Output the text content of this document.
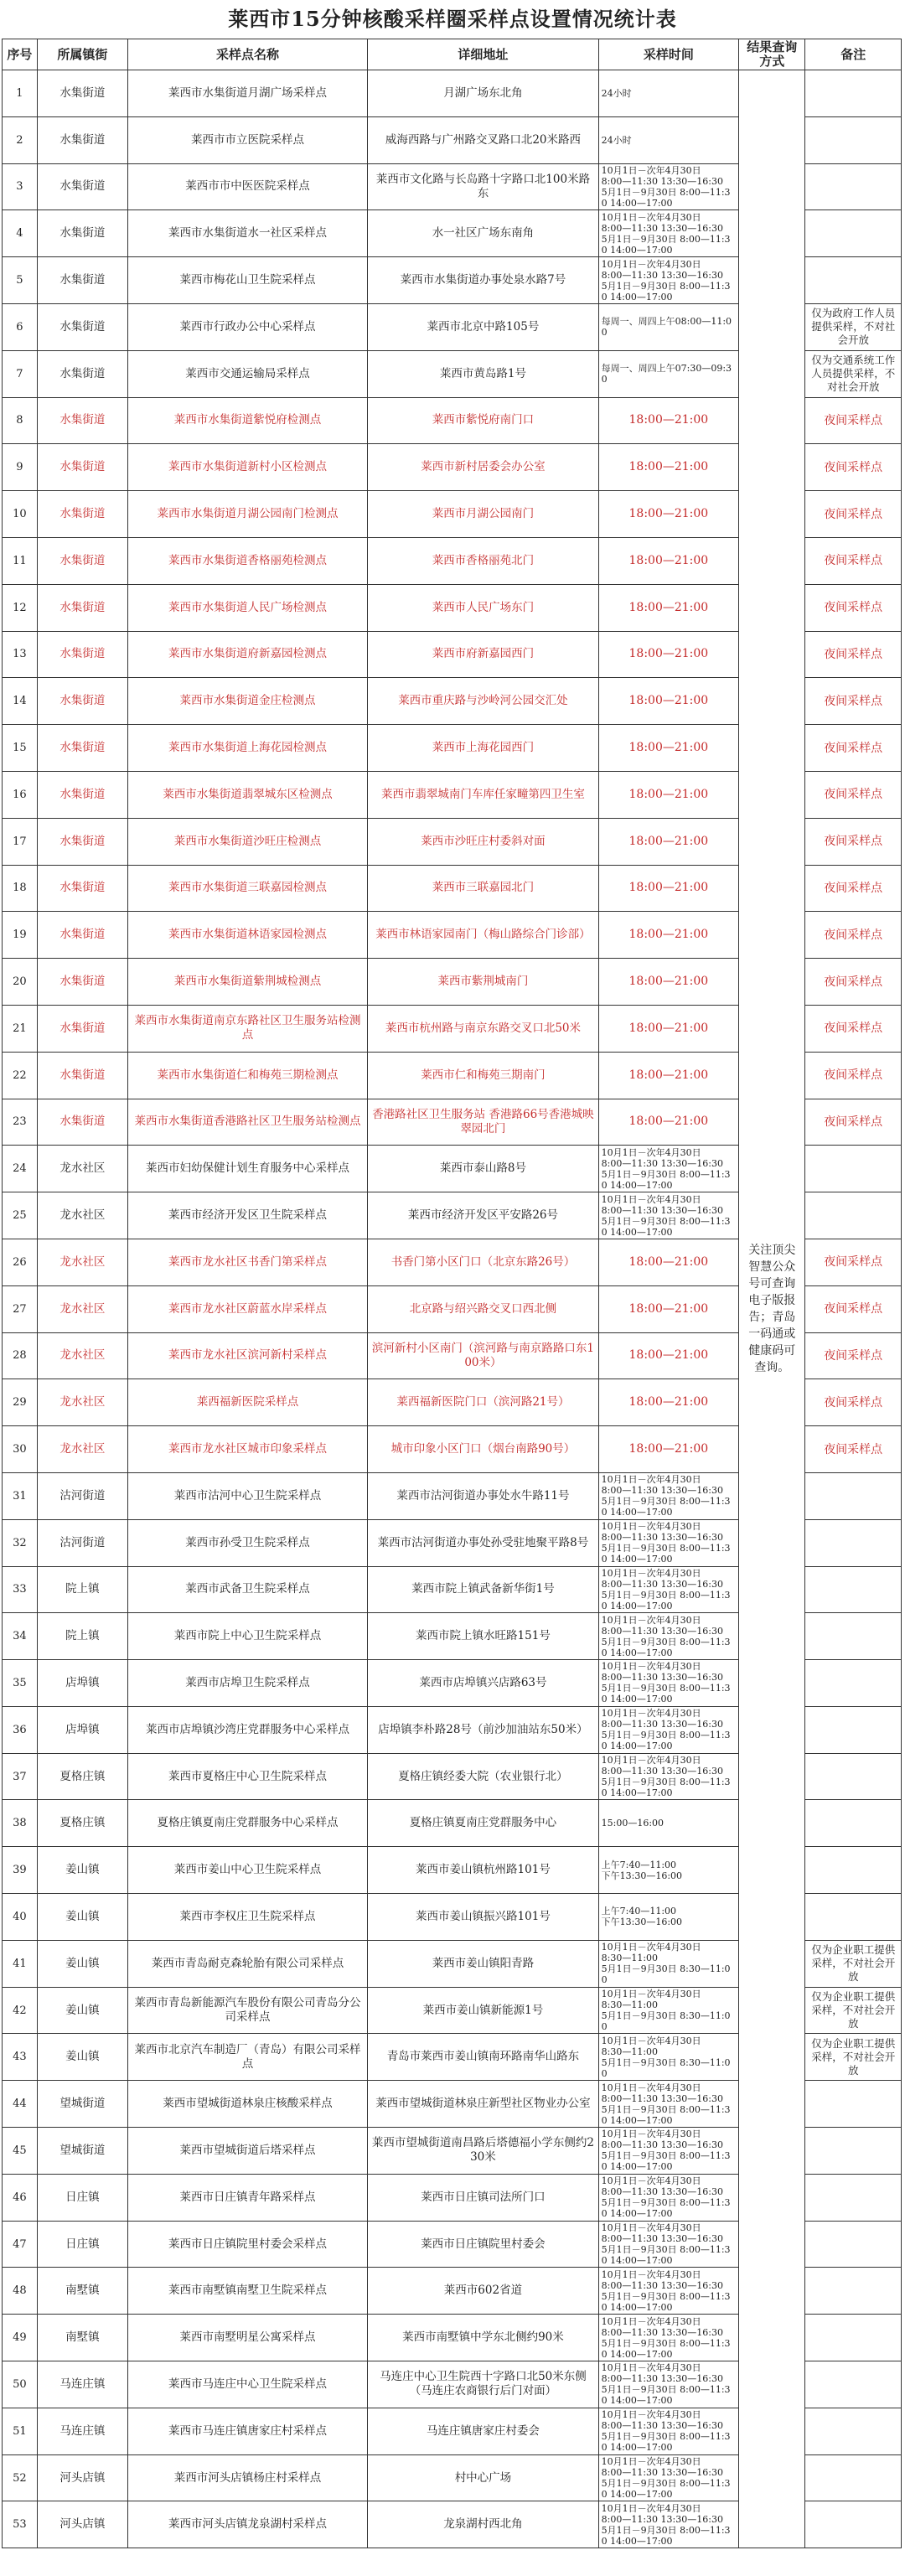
莱西市15分钟核酸采样圈采样点设置情况统计表
序号	所属镇街	采样点名称	详细地址	采样时间	结果查询方式	备注
1	水集街道	莱西市水集街道月湖广场采样点	月湖广场东北角	24小时	关注顶尖智慧公众号可查询电子版报告；青岛一码通或健康码可查询。	
2	水集街道	莱西市市立医院采样点	威海西路与广州路交叉路口北20米路西	24小时		
3	水集街道	莱西市市中医医院采样点	莱西市文化路与长岛路十字路口北100米路东	10月1日－次年4月30日
8:00—11:30 13:30—16:30
5月1日－9月30日 8:00—11:30 14:00—17:00		
4	水集街道	莱西市水集街道水一社区采样点	水一社区广场东南角	10月1日－次年4月30日
8:00—11:30 13:30—16:30
5月1日－9月30日 8:00—11:30 14:00—17:00		
5	水集街道	莱西市梅花山卫生院采样点	莱西市水集街道办事处泉水路7号	10月1日－次年4月30日
8:00—11:30 13:30—16:30
5月1日－9月30日 8:00—11:30 14:00—17:00		
6	水集街道	莱西市行政办公中心采样点	莱西市北京中路105号	每周一、周四上午08:00—11:00		仅为政府工作人员提供采样，不对社会开放
7	水集街道	莱西市交通运输局采样点	莱西市黄岛路1号	每周一、周四上午07:30—09:30		仅为交通系统工作人员提供采样，不对社会开放
8	水集街道	莱西市水集街道紫悦府检测点	莱西市紫悦府南门口	18:00—21:00		夜间采样点
9	水集街道	莱西市水集街道新村小区检测点	莱西市新村居委会办公室	18:00—21:00		夜间采样点
10	水集街道	莱西市水集街道月湖公园南门检测点	莱西市月湖公园南门	18:00—21:00		夜间采样点
11	水集街道	莱西市水集街道香格丽苑检测点	莱西市香格丽苑北门	18:00—21:00		夜间采样点
12	水集街道	莱西市水集街道人民广场检测点	莱西市人民广场东门	18:00—21:00		夜间采样点
13	水集街道	莱西市水集街道府新嘉园检测点	莱西市府新嘉园西门	18:00—21:00		夜间采样点
14	水集街道	莱西市水集街道金庄检测点	莱西市重庆路与沙岭河公园交汇处	18:00—21:00		夜间采样点
15	水集街道	莱西市水集街道上海花园检测点	莱西市上海花园西门	18:00—21:00		夜间采样点
16	水集街道	莱西市水集街道翡翠城东区检测点	莱西市翡翠城南门车库任家疃第四卫生室	18:00—21:00		夜间采样点
17	水集街道	莱西市水集街道沙旺庄检测点	莱西市沙旺庄村委斜对面	18:00—21:00		夜间采样点
18	水集街道	莱西市水集街道三联嘉园检测点	莱西市三联嘉园北门	18:00—21:00		夜间采样点
19	水集街道	莱西市水集街道林语家园检测点	莱西市林语家园南门（梅山路综合门诊部）	18:00—21:00		夜间采样点
20	水集街道	莱西市水集街道紫荆城检测点	莱西市紫荆城南门	18:00—21:00		夜间采样点
21	水集街道	莱西市水集街道南京东路社区卫生服务站检测点	莱西市杭州路与南京东路交叉口北50米	18:00—21:00		夜间采样点
22	水集街道	莱西市水集街道仁和梅苑三期检测点	莱西市仁和梅苑三期南门	18:00—21:00		夜间采样点
23	水集街道	莱西市水集街道香港路社区卫生服务站检测点	香港路社区卫生服务站 香港路66号香港城映翠园北门	18:00—21:00		夜间采样点
24	龙水社区	莱西市妇幼保健计划生育服务中心采样点	莱西市泰山路8号	10月1日－次年4月30日
8:00—11:30 13:30—16:30
5月1日－9月30日 8:00—11:30 14:00—17:00		
25	龙水社区	莱西市经济开发区卫生院采样点	莱西市经济开发区平安路26号	10月1日－次年4月30日
8:00—11:30 13:30—16:30
5月1日－9月30日 8:00—11:30 14:00—17:00		
26	龙水社区	莱西市龙水社区书香门第采样点	书香门第小区门口（北京东路26号）	18:00—21:00		夜间采样点
27	龙水社区	莱西市龙水社区蔚蓝水岸采样点	北京路与绍兴路交叉口西北侧	18:00—21:00		夜间采样点
28	龙水社区	莱西市龙水社区滨河新村采样点	滨河新村小区南门（滨河路与南京路路口东100米）	18:00—21:00		夜间采样点
29	龙水社区	莱西福新医院采样点	莱西福新医院门口（滨河路21号）	18:00—21:00		夜间采样点
30	龙水社区	莱西市龙水社区城市印象采样点	城市印象小区门口（烟台南路90号）	18:00—21:00		夜间采样点
31	沽河街道	莱西市沽河中心卫生院采样点	莱西市沽河街道办事处水牛路11号	10月1日－次年4月30日
8:00—11:30 13:30—16:30
5月1日－9月30日 8:00—11:30 14:00—17:00		
32	沽河街道	莱西市孙受卫生院采样点	莱西市沽河街道办事处孙受驻地聚平路8号	10月1日－次年4月30日
8:00—11:30 13:30—16:30
5月1日－9月30日 8:00—11:30 14:00—17:00		
33	院上镇	莱西市武备卫生院采样点	莱西市院上镇武备新华街1号	10月1日－次年4月30日
8:00—11:30 13:30—16:30
5月1日－9月30日 8:00—11:30 14:00—17:00		
34	院上镇	莱西市院上中心卫生院采样点	莱西市院上镇水旺路151号	10月1日－次年4月30日
8:00—11:30 13:30—16:30
5月1日－9月30日 8:00—11:30 14:00—17:00		
35	店埠镇	莱西市店埠卫生院采样点	莱西市店埠镇兴店路63号	10月1日－次年4月30日
8:00—11:30 13:30—16:30
5月1日－9月30日 8:00—11:30 14:00—17:00		
36	店埠镇	莱西市店埠镇沙湾庄党群服务中心采样点	店埠镇李朴路28号（前沙加油站东50米）	10月1日－次年4月30日
8:00—11:30 13:30—16:30
5月1日－9月30日 8:00—11:30 14:00—17:00		
37	夏格庄镇	莱西市夏格庄中心卫生院采样点	夏格庄镇经委大院（农业银行北）	10月1日－次年4月30日
8:00—11:30 13:30—16:30
5月1日－9月30日 8:00—11:30 14:00—17:00		
38	夏格庄镇	夏格庄镇夏南庄党群服务中心采样点	夏格庄镇夏南庄党群服务中心	15:00—16:00		
39	姜山镇	莱西市姜山中心卫生院采样点	莱西市姜山镇杭州路101号	上午7:40—11:00
下午13:30—16:00		
40	姜山镇	莱西市李权庄卫生院采样点	莱西市姜山镇振兴路101号	上午7:40—11:00
下午13:30—16:00		
41	姜山镇	莱西市青岛耐克森轮胎有限公司采样点	莱西市姜山镇阳青路	10月1日－次年4月30日
8:30—11:00
5月1日－9月30日 8:30—11:00		仅为企业职工提供采样，不对社会开放
42	姜山镇	莱西市青岛新能源汽车股份有限公司青岛分公司采样点	莱西市姜山镇新能源1号	10月1日－次年4月30日
8:30—11:00
5月1日－9月30日 8:30—11:00		仅为企业职工提供采样，不对社会开放
43	姜山镇	莱西市北京汽车制造厂（青岛）有限公司采样点	青岛市莱西市姜山镇南环路南华山路东	10月1日－次年4月30日
8:30—11:00
5月1日－9月30日 8:30—11:00		仅为企业职工提供采样，不对社会开放
44	望城街道	莱西市望城街道林泉庄核酸采样点	莱西市望城街道林泉庄新型社区物业办公室	10月1日－次年4月30日
8:00—11:30 13:30—16:30
5月1日－9月30日 8:00—11:30 14:00—17:00		
45	望城街道	莱西市望城街道后塔采样点	莱西市望城街道南昌路后塔德福小学东侧约230米	10月1日－次年4月30日
8:00—11:30 13:30—16:30
5月1日－9月30日 8:00—11:30 14:00—17:00		
46	日庄镇	莱西市日庄镇青年路采样点	莱西市日庄镇司法所门口	10月1日－次年4月30日
8:00—11:30 13:30—16:30
5月1日－9月30日 8:00—11:30 14:00—17:00		
47	日庄镇	莱西市日庄镇院里村委会采样点	莱西市日庄镇院里村委会	10月1日－次年4月30日
8:00—11:30 13:30—16:30
5月1日－9月30日 8:00—11:30 14:00—17:00		
48	南墅镇	莱西市南墅镇南墅卫生院采样点	莱西市602省道	10月1日－次年4月30日
8:00—11:30 13:30—16:30
5月1日－9月30日 8:00—11:30 14:00—17:00		
49	南墅镇	莱西市南墅明星公寓采样点	莱西市南墅镇中学东北侧约90米	10月1日－次年4月30日
8:00—11:30 13:30—16:30
5月1日－9月30日 8:00—11:30 14:00—17:00		
50	马连庄镇	莱西市马连庄中心卫生院采样点	马连庄中心卫生院西十字路口北50米东侧（马连庄农商银行后门对面）	10月1日－次年4月30日
8:00—11:30 13:30—16:30
5月1日－9月30日 8:00—11:30 14:00—17:00		
51	马连庄镇	莱西市马连庄镇唐家庄村采样点	马连庄镇唐家庄村委会	10月1日－次年4月30日
8:00—11:30 13:30—16:30
5月1日－9月30日 8:00—11:30 14:00—17:00		
52	河头店镇	莱西市河头店镇杨庄村采样点	村中心广场	10月1日－次年4月30日
8:00—11:30 13:30—16:30
5月1日－9月30日 8:00—11:30 14:00—17:00		
53	河头店镇	莱西市河头店镇龙泉湖村采样点	龙泉湖村西北角	10月1日－次年4月30日
8:00—11:30 13:30—16:30
5月1日－9月30日 8:00—11:30 14:00—17:00		
